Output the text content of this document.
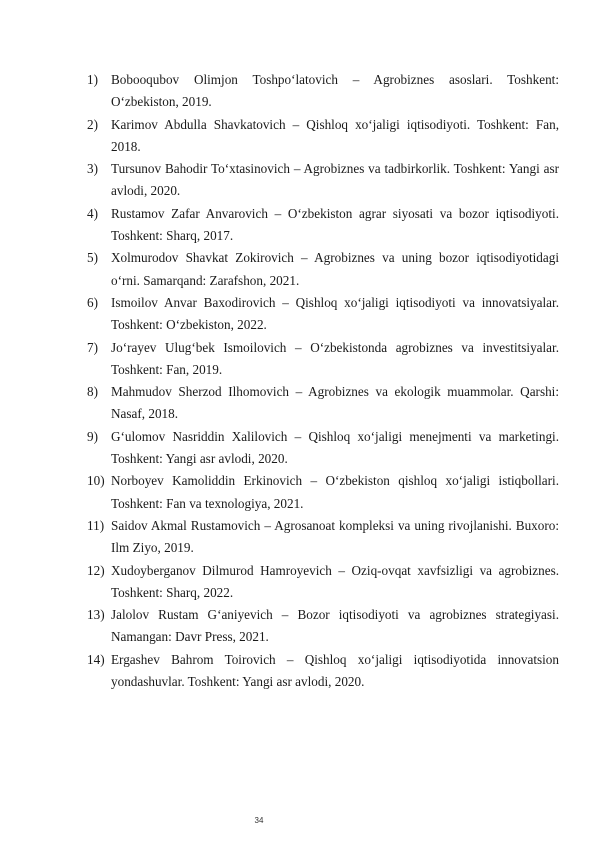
1) Bobooqubov Olimjon Toshpo‘latovich – Agrobiznes asoslari. Toshkent: O‘zbekiston, 2019.
2) Karimov Abdulla Shavkatovich – Qishloq xo‘jaligi iqtisodiyoti. Toshkent: Fan, 2018.
3) Tursunov Bahodir To‘xtasinovich – Agrobiznes va tadbirkorlik. Toshkent: Yangi asr avlodi, 2020.
4) Rustamov Zafar Anvarovich – O‘zbekiston agrar siyosati va bozor iqtisodiyoti. Toshkent: Sharq, 2017.
5) Xolmurodov Shavkat Zokirovich – Agrobiznes va uning bozor iqtisodiyotidagi o‘rni. Samarqand: Zarafshon, 2021.
6) Ismoilov Anvar Baxodirovich – Qishloq xo‘jaligi iqtisodiyoti va innovatsiyalar. Toshkent: O‘zbekiston, 2022.
7) Jo‘rayev Ulug‘bek Ismoilovich – O‘zbekistonda agrobiznes va investitsiyalar. Toshkent: Fan, 2019.
8) Mahmudov Sherzod Ilhomovich – Agrobiznes va ekologik muammolar. Qarshi: Nasaf, 2018.
9) G‘ulomov Nasriddin Xalilovich – Qishloq xo‘jaligi menejmenti va marketingi. Toshkent: Yangi asr avlodi, 2020.
10) Norboyev Kamoliddin Erkinovich – O‘zbekiston qishloq xo‘jaligi istiqbollari. Toshkent: Fan va texnologiya, 2021.
11) Saidov Akmal Rustamovich – Agrosanoat kompleksi va uning rivojlanishi. Buxoro: Ilm Ziyo, 2019.
12) Xudoyberganov Dilmurod Hamroyevich – Oziq-ovqat xavfsizligi va agrobiznes. Toshkent: Sharq, 2022.
13) Jalolov Rustam G‘aniyevich – Bozor iqtisodiyoti va agrobiznes strategiyasi. Namangan: Davr Press, 2021.
14) Ergashev Bahrom Toirovich – Qishloq xo‘jaligi iqtisodiyotida innovatsion yondashuvlar. Toshkent: Yangi asr avlodi, 2020.
34
